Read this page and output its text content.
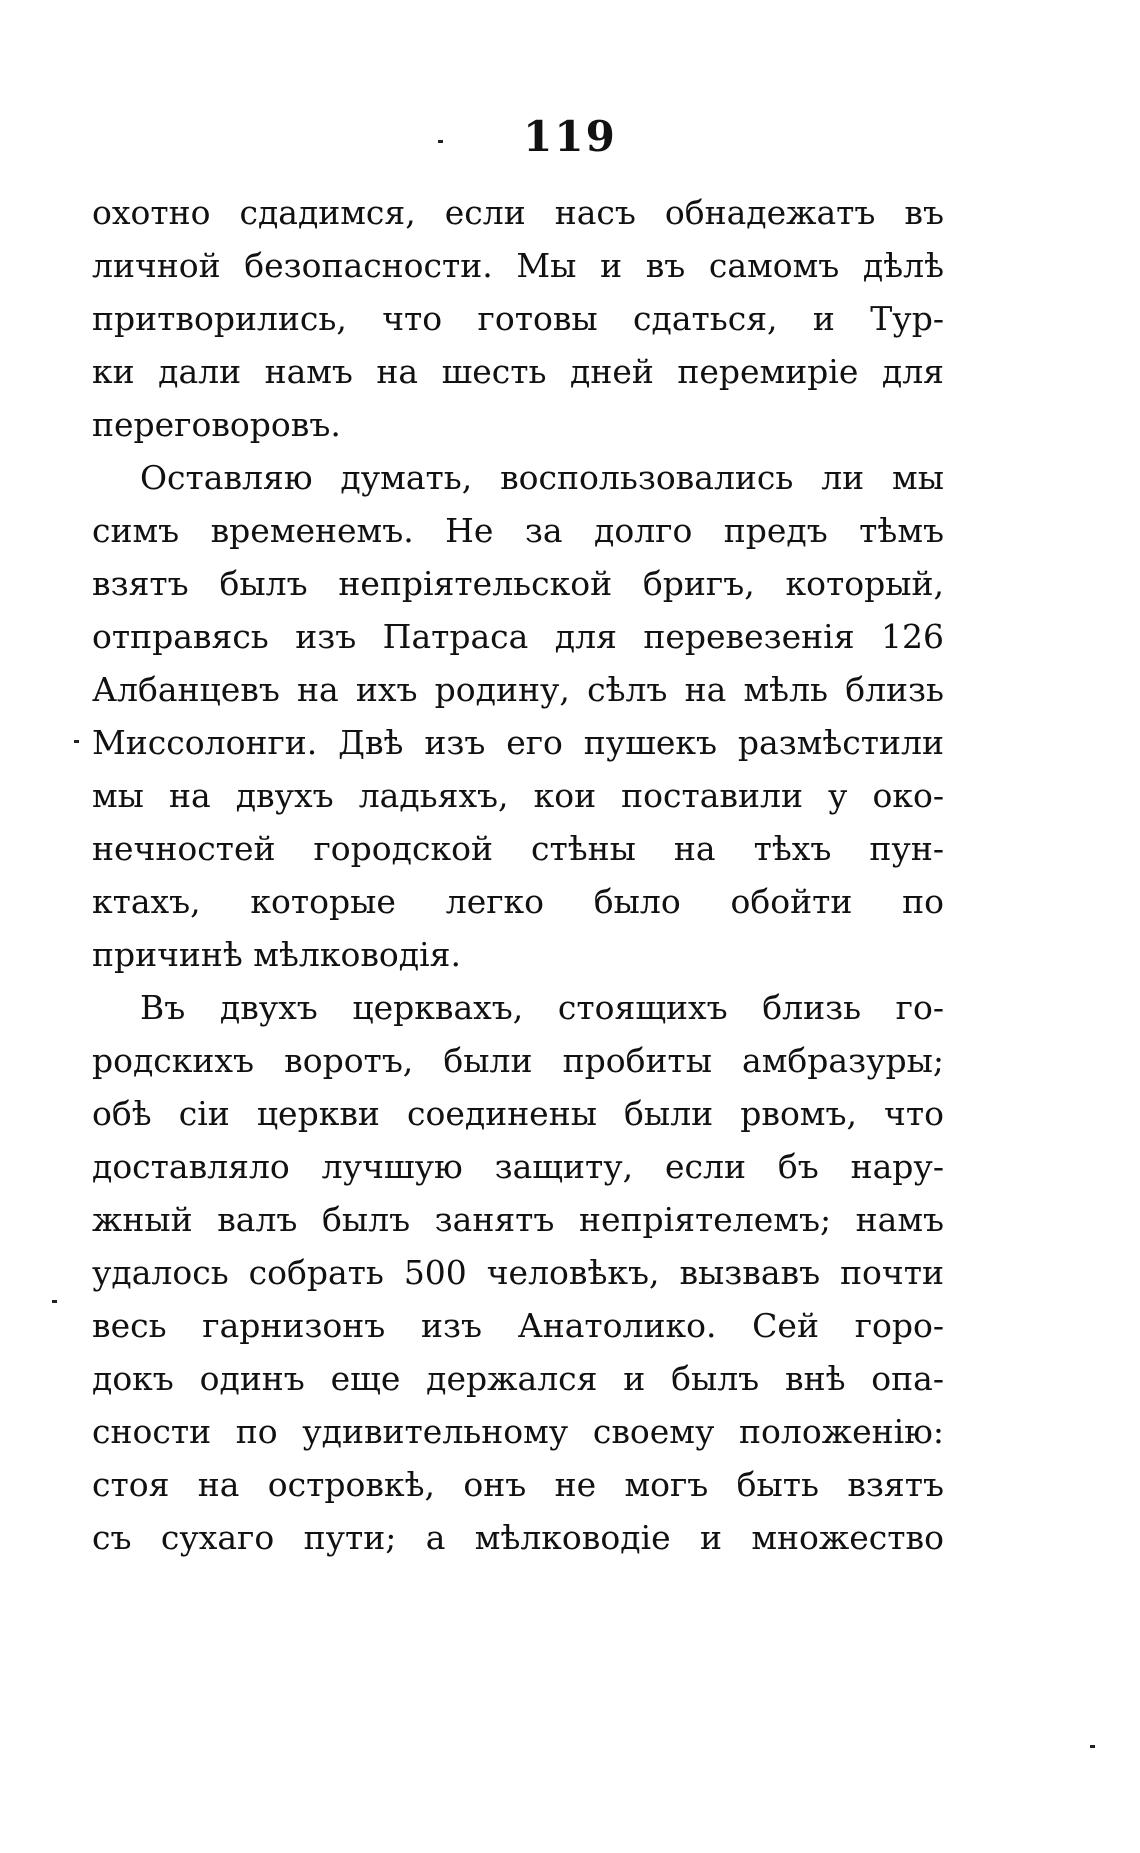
119
охотно сдадимся, если насъ обнадежатъ въ
личной безопасности. Мы и въ самомъ дѣлѣ
притворились, что готовы сдаться, и Тур-
ки дали намъ на шесть дней перемиріе для
переговоровъ.
Оставляю думать, воспользовались ли мы
симъ временемъ. Не за долго предъ тѣмъ
взятъ былъ непріятельской бригъ, который,
отправясь изъ Патраса для перевезенія 126
Албанцевъ на ихъ родину, сѣлъ на мѣль близь
Миссолонги. Двѣ изъ его пушекъ размѣстили
мы на двухъ ладьяхъ, кои поставили у око-
нечностей городской стѣны на тѣхъ пун-
ктахъ, которые легко было обойти по
причинѣ мѣлководія.
Въ двухъ церквахъ, стоящихъ близь го-
родскихъ воротъ, были пробиты амбразуры;
обѣ сіи церкви соединены были рвомъ, что
доставляло лучшую защиту, если бъ нару-
жный валъ былъ занятъ непріятелемъ; намъ
удалось собрать 500 человѣкъ, вызвавъ почти
весь гарнизонъ изъ Анатолико. Сей горо-
докъ одинъ еще держался и былъ внѣ опа-
сности по удивительному своему положенію:
стоя на островкѣ, онъ не могъ быть взятъ
съ сухаго пути; а мѣлководіе и множество
